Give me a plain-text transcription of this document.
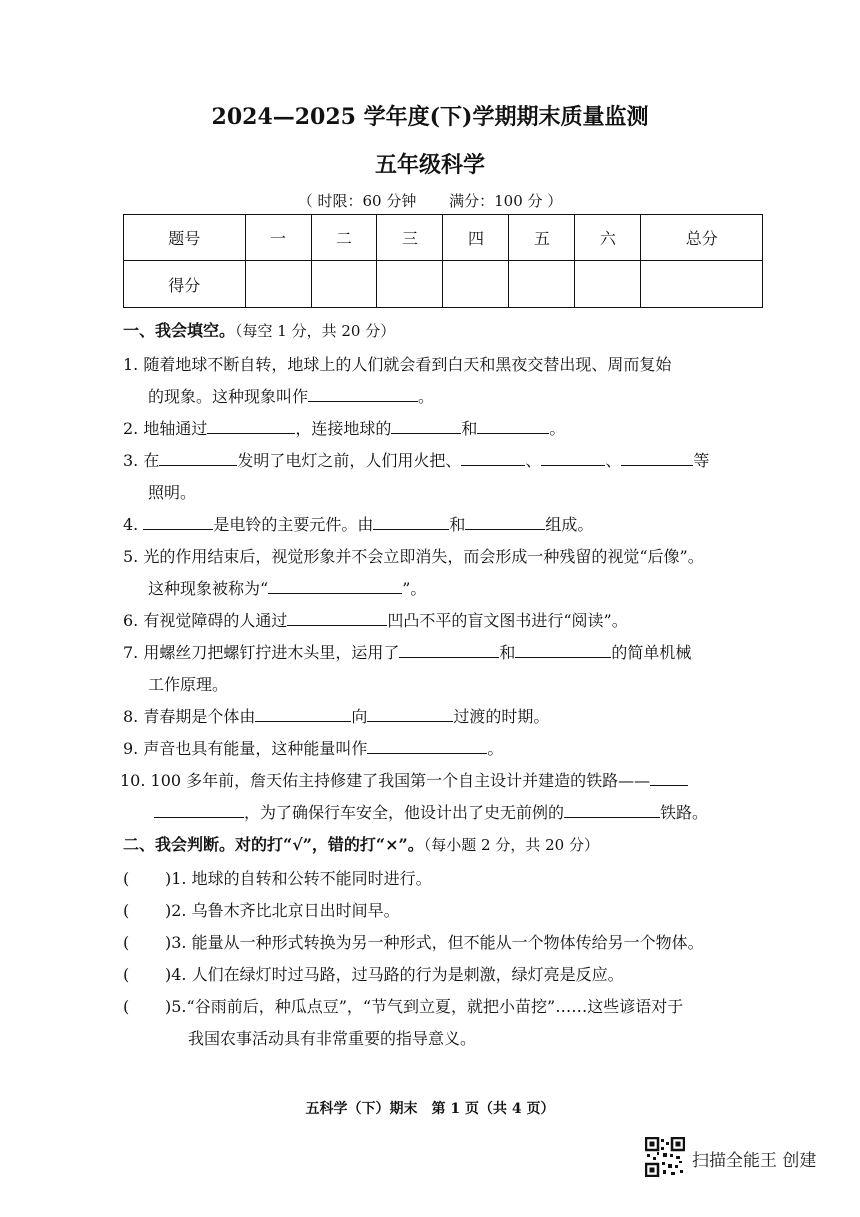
2024—2025 学年度(下)学期期末质量监测
五年级科学
（ 时限：60 分钟 满分：100 分 ）
题号	一	二	三	四	五	六	总分
得分							
一、我会填空。（每空 1 分，共 20 分）
1. 随着地球不断自转，地球上的人们就会看到白天和黑夜交替出现、周而复始
的现象。这种现象叫作	。
2. 地轴通过	，连接地球的	和	。
3. 在	发明了电灯之前，人们用火把、	、	、	等
照明。
4.	是电铃的主要元件。由	和	组成。
5. 光的作用结束后，视觉形象并不会立即消失，而会形成一种残留的视觉“后像”。
这种现象被称为“	”。
6. 有视觉障碍的人通过	凹凸不平的盲文图书进行“阅读”。
7. 用螺丝刀把螺钉拧进木头里，运用了	和	的简单机械
工作原理。
8. 青春期是个体由	向	过渡的时期。
9. 声音也具有能量，这种能量叫作	。
10. 100 多年前，詹天佑主持修建了我国第一个自主设计并建造的铁路——
，为了确保行车安全，他设计出了史无前例的	铁路。
二、我会判断。对的打“√”，错的打“×”。（每小题 2 分，共 20 分）
( )1. 地球的自转和公转不能同时进行。
( )2. 乌鲁木齐比北京日出时间早。
( )3. 能量从一种形式转换为另一种形式，但不能从一个物体传给另一个物体。
( )4. 人们在绿灯时过马路，过马路的行为是刺激，绿灯亮是反应。
( )5.“谷雨前后，种瓜点豆”，“节气到立夏，就把小苗挖”……这些谚语对于
我国农事活动具有非常重要的指导意义。
五科学（下）期末　第 1 页（共 4 页）
扫描全能王 创建
